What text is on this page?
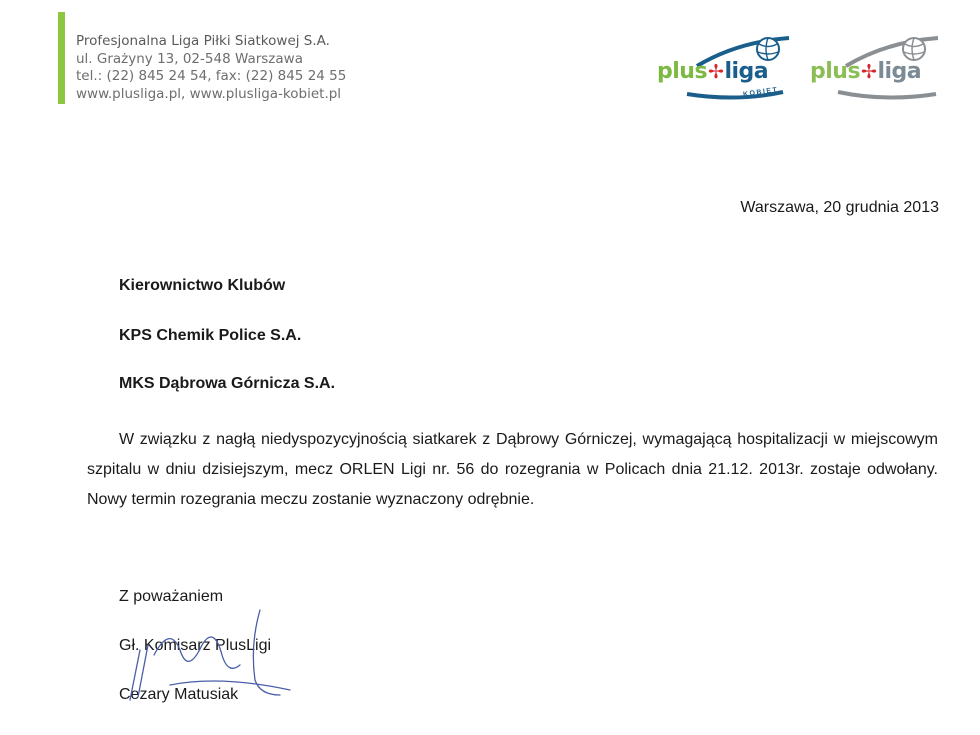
Profesjonalna Liga Piłki Siatkowej S.A.
ul. Grażyny 13, 02-548 Warszawa
tel.: (22) 845 24 54, fax: (22) 845 24 55
www.plusliga.pl, www.plusliga-kobiet.pl
plus✢liga
KOBIET
plus✢liga
Warszawa, 20 grudnia 2013
Kierownictwo Klubów
KPS Chemik Police S.A.
MKS Dąbrowa Górnicza S.A.
W związku z nagłą niedyspozycyjnością siatkarek z Dąbrowy Górniczej, wymagającą hospitalizacji w miejscowym szpitalu w dniu dzisiejszym, mecz ORLEN Ligi nr. 56 do rozegrania w Policach dnia 21.12. 2013r. zostaje odwołany. Nowy termin rozegrania meczu zostanie wyznaczony odrębnie.
Z poważaniem
Gł. Komisarz PlusLigi
Cezary Matusiak
